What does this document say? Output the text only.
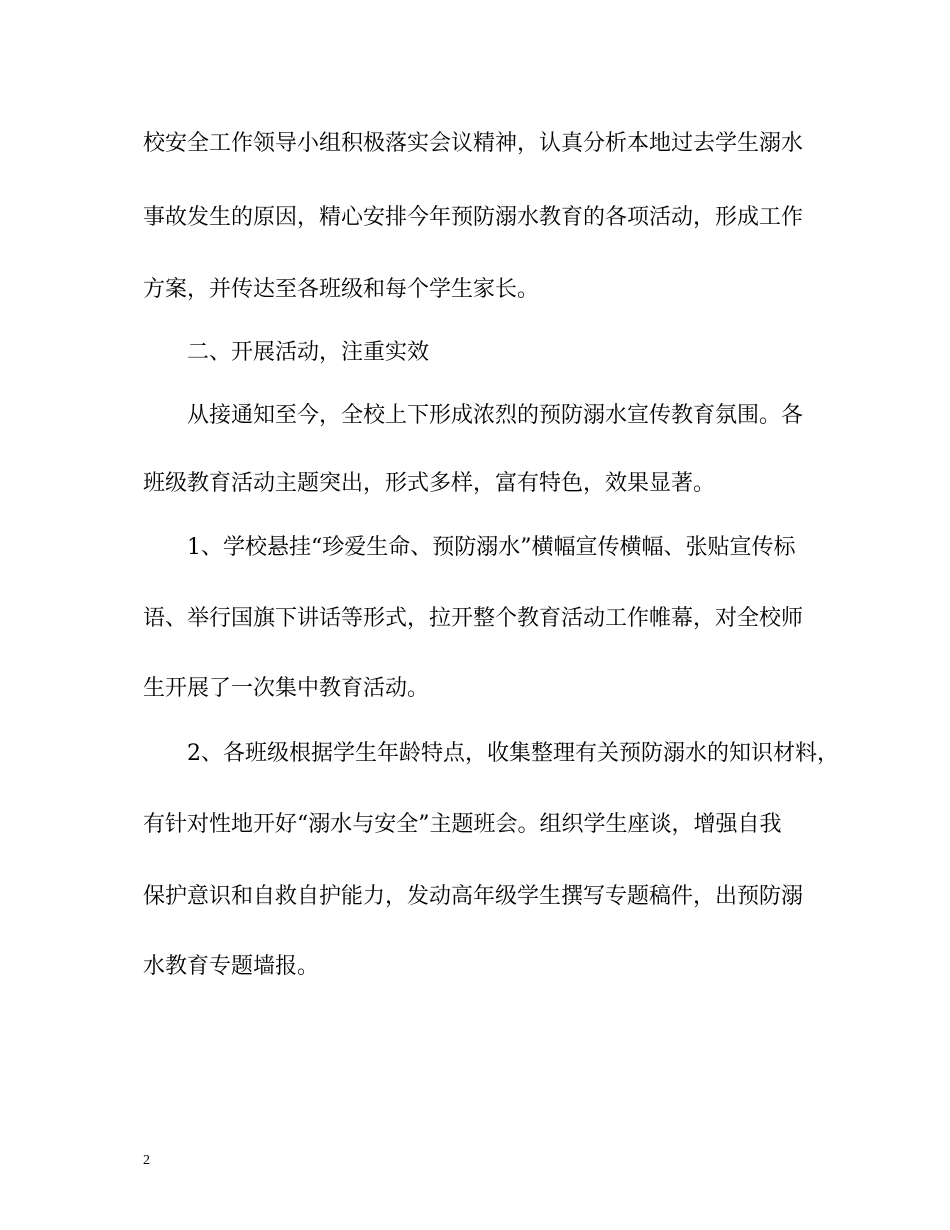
校安全工作领导小组积极落实会议精神，认真分析本地过去学生溺水
事故发生的原因，精心安排今年预防溺水教育的各项活动，形成工作
方案，并传达至各班级和每个学生家长。
二、开展活动，注重实效
从接通知至今，全校上下形成浓烈的预防溺水宣传教育氛围。各
班级教育活动主题突出，形式多样，富有特色，效果显著。
1、学校悬挂“珍爱生命、预防溺水”横幅宣传横幅、张贴宣传标
语、举行国旗下讲话等形式，拉开整个教育活动工作帷幕，对全校师
生开展了一次集中教育活动。
2、各班级根据学生年龄特点，收集整理有关预防溺水的知识材料，
有针对性地开好“溺水与安全”主题班会。组织学生座谈，增强自我
保护意识和自救自护能力，发动高年级学生撰写专题稿件，出预防溺
水教育专题墙报。
2
